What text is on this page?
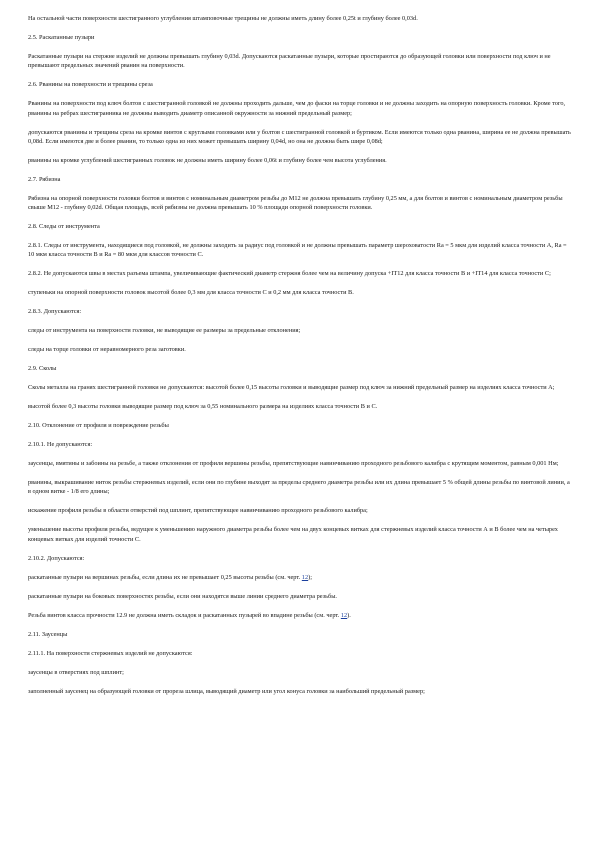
На остальной части поверхности шестигранного углубления штамповочные трещины не должны иметь длину более 0,25t и глубину более 0,03d.
2.5. Раскатанные пузыри
Раскатанные пузыри на стержне изделий не должны превышать глубину 0,03d. Допускаются раскатанные пузыри, которые простираются до образующей головки или поверхности под ключ и не превышают предельных значений рванин на поверхности.
2.6. Рванины на поверхности и трещины среза
Рванины на поверхности под ключ болтов с шестигранной головкой не должны проходить дальше, чем до фаски на торце головки и не должны заходить на опорную поверхность головки. Кроме того, рванины на ребрах шестигранника не должны выводить диаметр описанной окружности за нижний предельный размер;
допускаются рванины и трещины среза на кромке винтов с круглыми головками или у болтов с шестигранной головкой и буртиком. Если имеются только одна рванина, ширина ее не должна превышать 0,08d. Если имеются две и более рванин, то только одна из них может превышать ширину 0,04d, но она не должна быть шире 0,08d;
рванины на кромке углублений шестигранных головок не должны иметь ширину более 0,06t и глубину более чем высота углубления.
2.7. Рябизна
Рябизна на опорной поверхности головки болтов и винтов с номинальным диаметром резьбы до М12 не должна превышать глубину 0,25 мм, а для болтов и винтов с номинальным диаметром резьбы свыше М12 - глубину 0,02d. Общая площадь, всей рябизны не должна превышать 10 % площади опорной поверхности головки.
2.8. Следы от инструмента
2.8.1. Следы от инструмента, находящиеся под головкой, не должны заходить за радиус под головкой и не должны превышать параметр шероховатости Ra = 5 мкм для изделий класса точности А, Ra = 10 мкм класса точности В и Ra = 80 мкм для классов точности С.
2.8.2. Не допускаются швы в местах разъема штампа, увеличивающие фактический диаметр стержня более чем на величину допуска +IT12 для класса точности В и +IT14 для класса точности С;
ступеньки на опорной поверхности головок высотой более 0,3 мм для класса точности С и 0,2 мм для класса точности В.
2.8.3. Допускаются:
следы от инструмента на поверхности головки, не выводящие ее размеры за предельные отклонения;
следы на торце головки от неравномерного реза заготовки.
2.9. Сколы
Сколы металла на гранях шестигранной головки не допускаются: высотой более 0,15 высоты головки и выводящие размер под ключ за нижний предельный размер на изделиях класса точности А;
высотой более 0,3 высоты головки выводящие размер под ключ за 0,55 номинального размера на изделиях класса точности В и С.
2.10. Отклонение от профиля и повреждение резьбы
2.10.1. Не допускаются:
заусенцы, вмятины и забоины на резьбе, а также отклонения от профиля вершины резьбы, препятствующие навинчиванию проходного резьбового калибра с крутящим моментом, равным 0,001 Нм;
рванины, выкрашивание ниток резьбы стержневых изделий, если они по глубине выходят за пределы среднего диаметра резьбы или их длина превышает 5 % общей длины резьбы по винтовой линии, а в одном витке - 1/8 его длины;
искажение профиля резьбы в области отверстий под шплинт, препятствующее навинчиванию проходного резьбового калибра;
уменьшение высоты профиля резьбы, ведущее к уменьшению наружного диаметра резьбы более чем на двух концевых витках для стержневых изделий класса точности А и В более чем на четырех концевых витках для изделий точности С.
2.10.2. Допускаются:
раскатанные пузыри на вершинах резьбы, если длина их не превышает 0,25 высоты резьбы (см. черт. 12);
раскатанные пузыри на боковых поверхностях резьбы, если они находятся выше линии среднего диаметра резьбы.
Резьба винтов класса прочности 12.9 не должна иметь складок и раскатанных пузырей во впадине резьбы (см. черт. 12).
2.11. Заусенцы
2.11.1. На поверхности стержневых изделий не допускаются:
заусенцы в отверстиях под шплинт;
заполненный заусенец на образующей головки от прореза шлица, выводящий диаметр или угол конуса головки за наибольший предельный размер;
